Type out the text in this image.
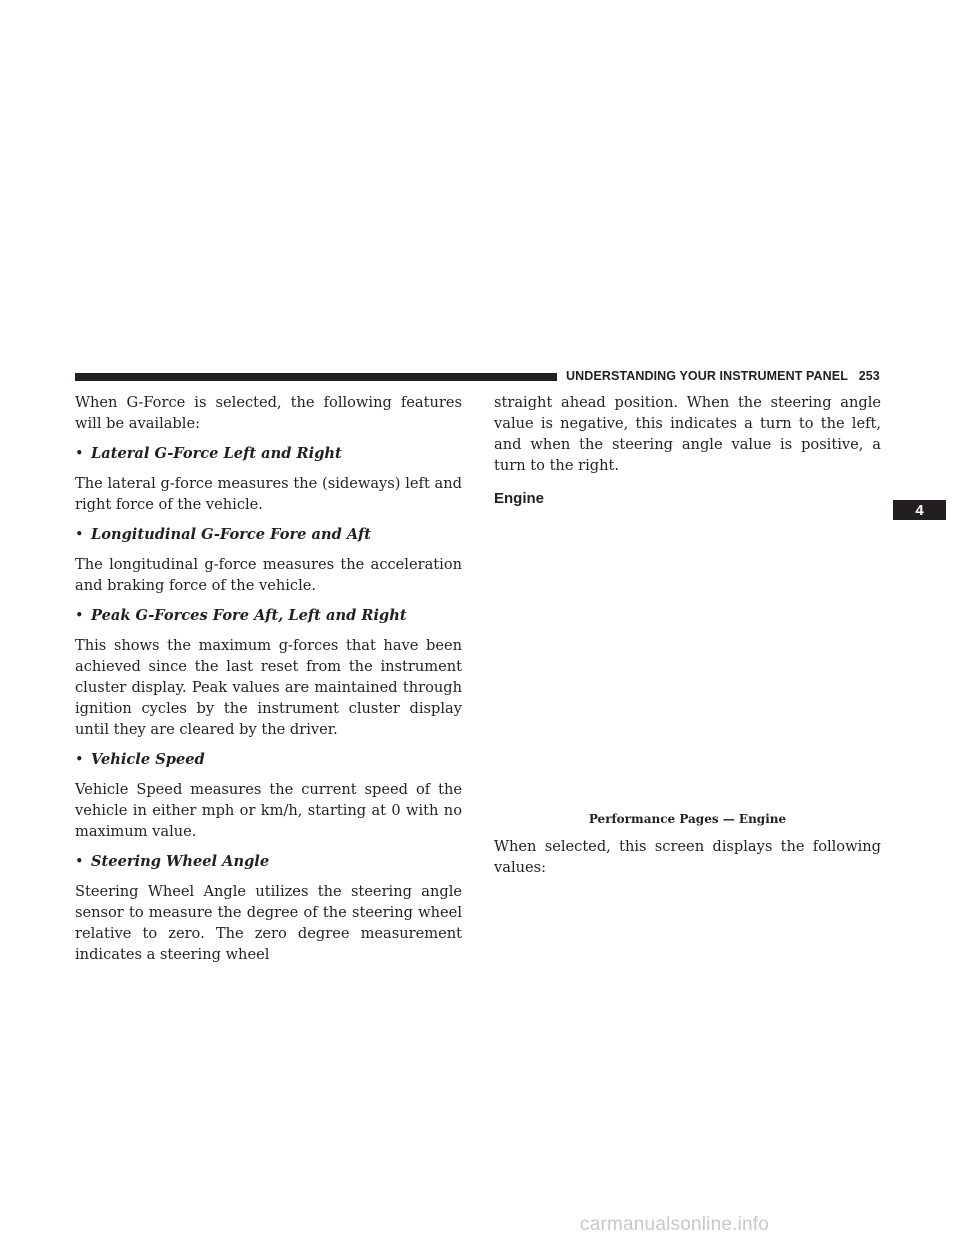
UNDERSTANDING YOUR INSTRUMENT PANEL 253
4

When G-Force is selected, the following features will be available:

• Lateral G-Force Left and Right

The lateral g-force measures the (sideways) left and right force of the vehicle.

• Longitudinal G-Force Fore and Aft

The longitudinal g-force measures the acceleration and braking force of the vehicle.

• Peak G-Forces Fore Aft, Left and Right

This shows the maximum g-forces that have been achieved since the last reset from the instrument cluster display. Peak values are maintained through ignition cycles by the instrument cluster display until they are cleared by the driver.

• Vehicle Speed

Vehicle Speed measures the current speed of the vehicle in either mph or km/h, starting at 0 with no maximum value.

• Steering Wheel Angle

Steering Wheel Angle utilizes the steering angle sensor to measure the degree of the steering wheel relative to zero. The zero degree measurement indicates a steering wheel

straight ahead position. When the steering angle value is negative, this indicates a turn to the left, and when the steering angle value is positive, a turn to the right.

Engine
Performance Pages — Engine

When selected, this screen displays the following values:

carmanualsonline.info
